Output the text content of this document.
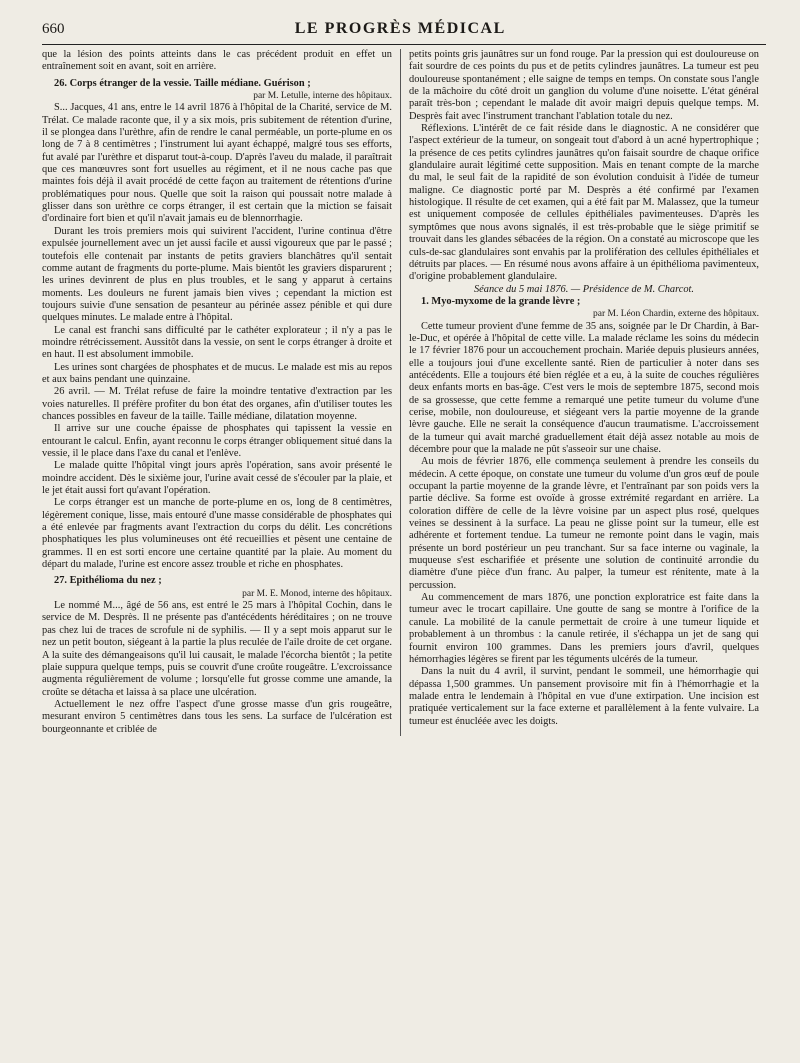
660	LE PROGRÈS MÉDICAL

que la lésion des points atteints dans le cas précédent produit en effet un entraînement soit en avant, soit en arrière.

26. Corps étranger de la vessie. Taille médiane. Guérison ;

par M. Letulle, interne des hôpitaux.

S... Jacques, 41 ans, entre le 14 avril 1876 à l'hôpital de la Charité, service de M. Trélat. Ce malade raconte que, il y a six mois, pris subitement de rétention d'urine, il se plongea dans l'urèthre, afin de rendre le canal perméable, un porte-plume en os long de 7 à 8 centimètres ; l'instrument lui ayant échappé, malgré tous ses efforts, fut avalé par l'urèthre et disparut tout-à-coup. D'après l'aveu du malade, il paraîtrait que ces manœuvres sont fort usuelles au régiment, et il ne nous cache pas que maintes fois déjà il avait procédé de cette façon au traitement de rétentions d'urine problématiques pour nous. Quelle que soit la raison qui poussait notre malade à glisser dans son urèthre ce corps étranger, il est certain que la miction se faisait d'ordinaire fort bien et qu'il n'avait jamais eu de blennorrhagie.

Durant les trois premiers mois qui suivirent l'accident, l'urine continua d'être expulsée journellement avec un jet aussi facile et aussi vigoureux que par le passé ; toutefois elle contenait par instants de petits graviers blanchâtres qu'il sentait comme autant de fragments du porte-plume. Mais bientôt les graviers disparurent ; les urines devinrent de plus en plus troubles, et le sang y apparut à certains moments. Les douleurs ne furent jamais bien vives ; cependant la miction est toujours suivie d'une sensation de pesanteur au périnée assez pénible et qui dure quelques minutes. Le malade entre à l'hôpital.

Le canal est franchi sans difficulté par le cathéter explorateur ; il n'y a pas le moindre rétrécissement. Aussitôt dans la vessie, on sent le corps étranger à droite et en haut. Il est absolument immobile.

Les urines sont chargées de phosphates et de mucus. Le malade est mis au repos et aux bains pendant une quinzaine.

26 avril. — M. Trélat refuse de faire la moindre tentative d'extraction par les voies naturelles. Il préfère profiter du bon état des organes, afin d'utiliser toutes les chances possibles en faveur de la taille. Taille médiane, dilatation moyenne.

Il arrive sur une couche épaisse de phosphates qui tapissent la vessie en entourant le calcul. Enfin, ayant reconnu le corps étranger obliquement situé dans la vessie, il le place dans l'axe du canal et l'enlève.

Le malade quitte l'hôpital vingt jours après l'opération, sans avoir présenté le moindre accident. Dès le sixième jour, l'urine avait cessé de s'écouler par la plaie, et le jet était aussi fort qu'avant l'opération.

Le corps étranger est un manche de porte-plume en os, long de 8 centimètres, légèrement conique, lisse, mais entouré d'une masse considérable de phosphates qui a été enlevée par fragments avant l'extraction du corps du délit. Les concrétions phosphatiques les plus volumineuses ont été recueillies et pèsent une centaine de grammes. Il en est sorti encore une certaine quantité par la plaie. Au moment du départ du malade, l'urine est encore assez trouble et riche en phosphates.

27. Epithélioma du nez ;

par M. E. Monod, interne des hôpitaux.

Le nommé M..., âgé de 56 ans, est entré le 25 mars à l'hôpital Cochin, dans le service de M. Desprès. Il ne présente pas d'antécédents héréditaires ; on ne trouve pas chez lui de traces de scrofule ni de syphilis. — Il y a sept mois apparut sur le nez un petit bouton, siégeant à la partie la plus reculée de l'aile droite de cet organe. A la suite des démangeaisons qu'il lui causait, le malade l'écorcha bientôt ; la petite plaie suppura quelque temps, puis se couvrit d'une croûte rougeâtre. L'excroissance augmenta régulièrement de volume ; lorsqu'elle fut grosse comme une amande, la croûte se détacha et laissa à sa place une ulcération.

Actuellement le nez offre l'aspect d'une grosse masse d'un gris rougeâtre, mesurant environ 5 centimètres dans tous les sens. La surface de l'ulcération est bourgeonnante et criblée de

petits points gris jaunâtres sur un fond rouge. Par la pression qui est douloureuse on fait sourdre de ces points du pus et de petits cylindres jaunâtres. La tumeur est peu douloureuse spontanément ; elle saigne de temps en temps. On constate sous l'angle de la mâchoire du côté droit un ganglion du volume d'une noisette. L'état général paraît très-bon ; cependant le malade dit avoir maigri depuis quelque temps. M. Desprès fait avec l'instrument tranchant l'ablation totale du nez.

Réflexions. L'intérêt de ce fait réside dans le diagnostic. A ne considérer que l'aspect extérieur de la tumeur, on songeait tout d'abord à un acné hypertrophique ; la présence de ces petits cylindres jaunâtres qu'on faisait sourdre de chaque orifice glandulaire aurait légitimé cette supposition. Mais en tenant compte de la marche du mal, le seul fait de la rapidité de son évolution conduisit à l'idée de tumeur maligne. Ce diagnostic porté par M. Desprès a été confirmé par l'examen histologique. Il résulte de cet examen, qui a été fait par M. Malassez, que la tumeur est uniquement composée de cellules épithéliales pavimenteuses. D'après les symptômes que nous avons signalés, il est très-probable que le siège primitif se trouvait dans les glandes sébacées de la région. On a constaté au microscope que les culs-de-sac glandulaires sont envahis par la prolifération des cellules épithéliales et détruits par places. — En résumé nous avons affaire à un épithélioma pavimenteux, d'origine probablement glandulaire.

Séance du 5 mai 1876. — Présidence de M. Charcot.

1. Myo-myxome de la grande lèvre ;

par M. Léon Chardin, externe des hôpitaux.

Cette tumeur provient d'une femme de 35 ans, soignée par le Dr Chardin, à Bar-le-Duc, et opérée à l'hôpital de cette ville. La malade réclame les soins du médecin le 17 février 1876 pour un accouchement prochain. Mariée depuis plusieurs années, elle a toujours joui d'une excellente santé. Rien de particulier à noter dans ses antécédents. Elle a toujours été bien réglée et a eu, à la suite de couches régulières deux enfants morts en bas-âge. C'est vers le mois de septembre 1875, second mois de sa grossesse, que cette femme a remarqué une petite tumeur du volume d'une cerise, mobile, non douloureuse, et siégeant vers la partie moyenne de la grande lèvre gauche. Elle ne serait la conséquence d'aucun traumatisme. L'accroissement de la tumeur qui avait marché graduellement était déjà assez notable au mois de décembre pour que la malade ne pût s'asseoir sur une chaise.

Au mois de février 1876, elle commença seulement à prendre les conseils du médecin. A cette époque, on constate une tumeur du volume d'un gros œuf de poule occupant la partie moyenne de la grande lèvre, et l'entraînant par son poids vers la partie déclive. Sa forme est ovoïde à grosse extrémité regardant en arrière. La coloration diffère de celle de la lèvre voisine par un aspect plus rosé, quelques veines se dessinent à la surface. La peau ne glisse point sur la tumeur, elle est adhérente et fortement tendue. La tumeur ne remonte point dans le vagin, mais présente un bord postérieur un peu tranchant. Sur sa face interne ou vaginale, la muqueuse s'est escharifiée et présente une solution de continuité arrondie du diamètre d'une pièce d'un franc. Au palper, la tumeur est rénitente, mate à la percussion.

Au commencement de mars 1876, une ponction exploratrice est faite dans la tumeur avec le trocart capillaire. Une goutte de sang se montre à l'orifice de la canule. La mobilité de la canule permettait de croire à une tumeur liquide et probablement à un thrombus : la canule retirée, il s'échappa un jet de sang qui fournit environ 100 grammes. Dans les premiers jours d'avril, quelques hémorrhagies légères se firent par les téguments ulcérés de la tumeur.

Dans la nuit du 4 avril, il survint, pendant le sommeil, une hémorrhagie qui dépassa 1,500 grammes. Un pansement provisoire mit fin à l'hémorrhagie et la malade entra le lendemain à l'hôpital en vue d'une extirpation. Une incision est pratiquée verticalement sur la face externe et parallèlement à la fente vulvaire. La tumeur est énucléée avec les doigts.
